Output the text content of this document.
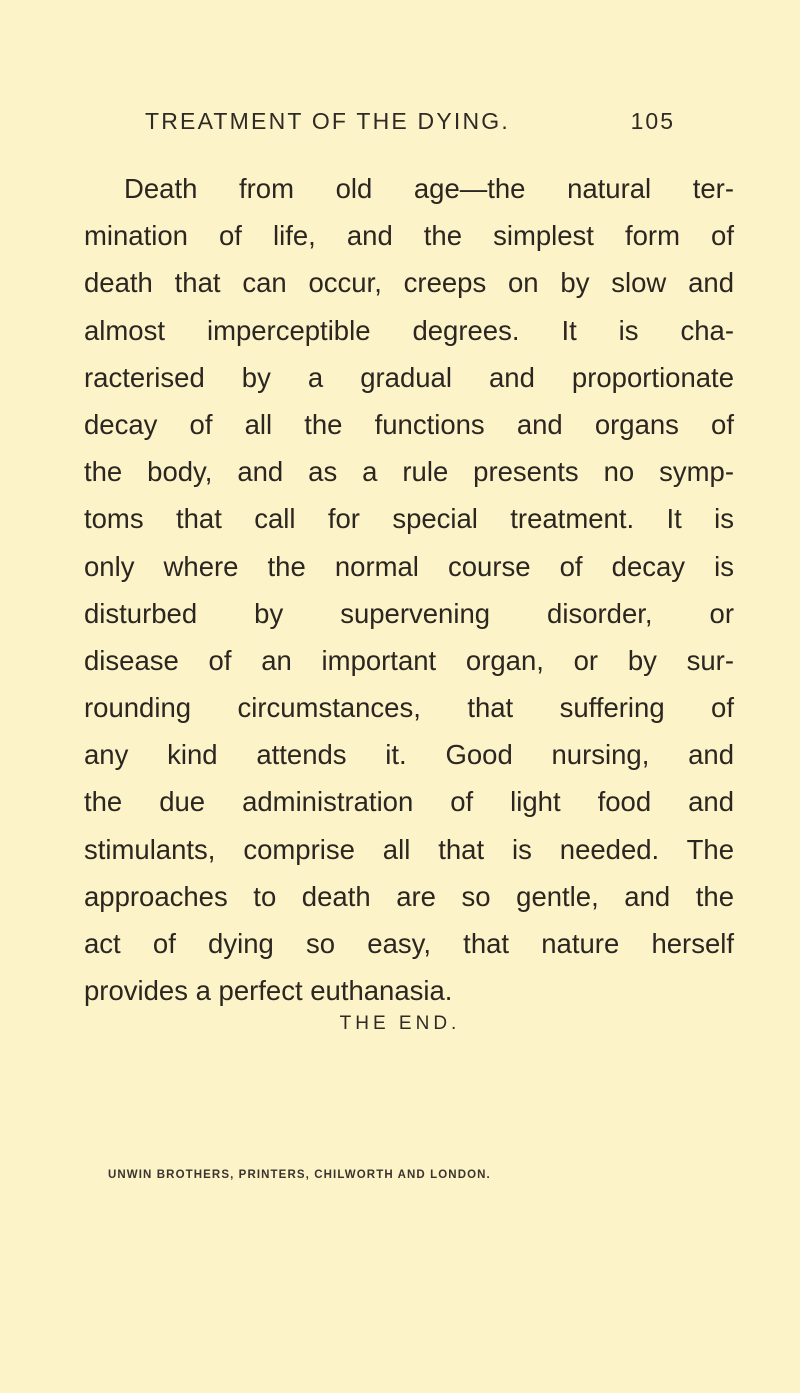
TREATMENT OF THE DYING.	105
Death from old age—the natural ter-
mination of life, and the simplest form of
death that can occur, creeps on by slow and
almost imperceptible degrees. It is cha-
racterised by a gradual and proportionate
decay of all the functions and organs of
the body, and as a rule presents no symp-
toms that call for special treatment. It is
only where the normal course of decay is
disturbed by supervening disorder, or
disease of an important organ, or by sur-
rounding circumstances, that suffering of
any kind attends it. Good nursing, and
the due administration of light food and
stimulants, comprise all that is needed. The
approaches to death are so gentle, and the
act of dying so easy, that nature herself
provides a perfect euthanasia.
THE END.
UNWIN BROTHERS, PRINTERS, CHILWORTH AND LONDON.
